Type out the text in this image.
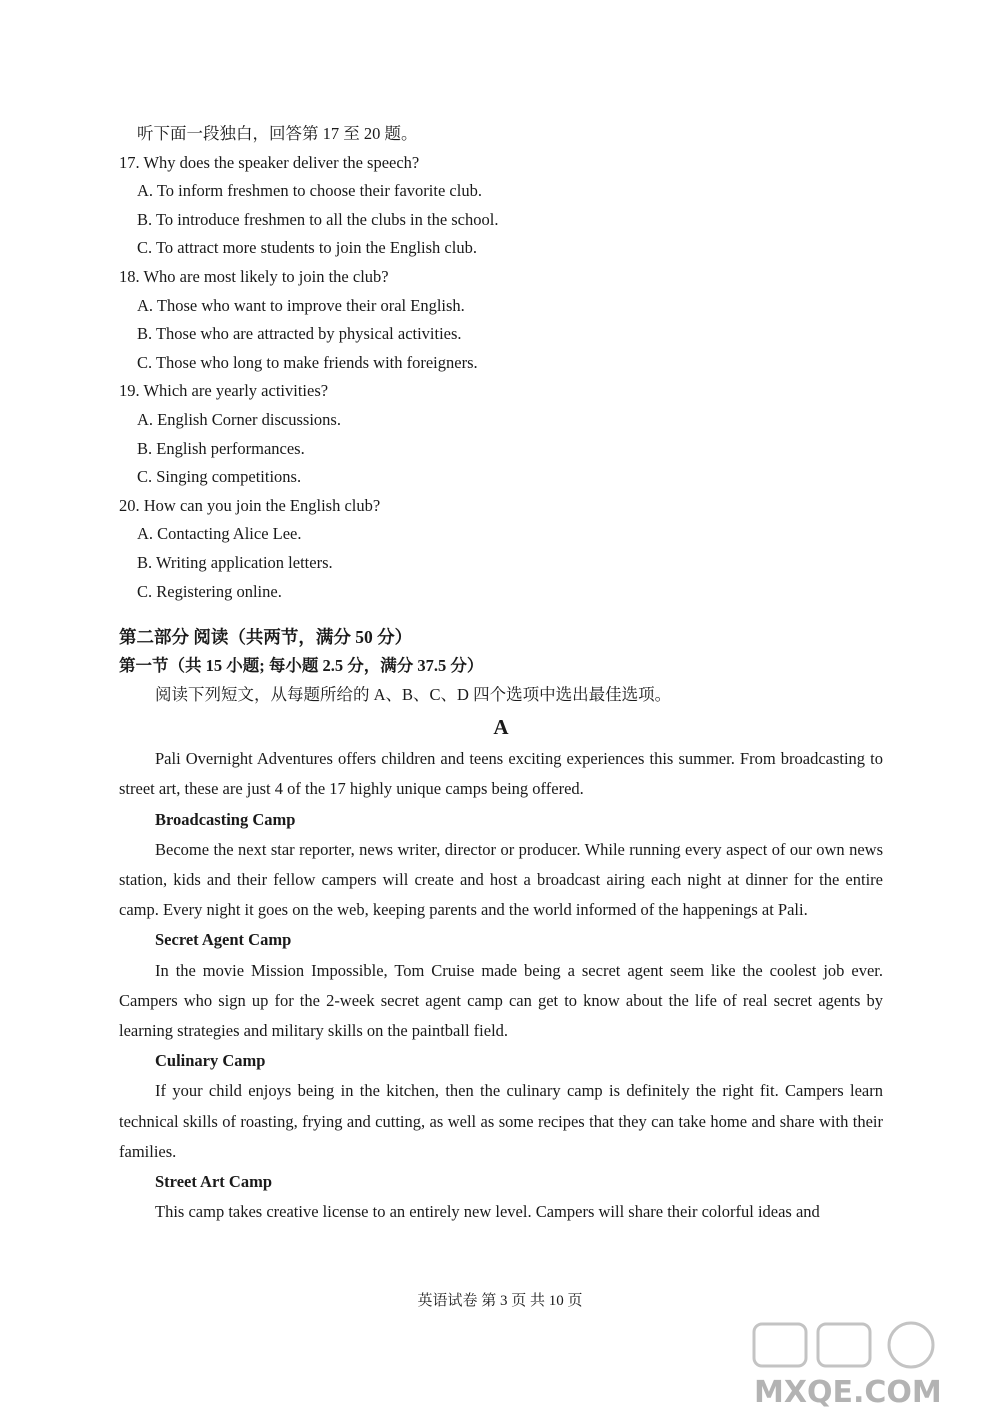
听下面一段独白，回答第 17 至 20 题。
17. Why does the speaker deliver the speech?
A. To inform freshmen to choose their favorite club.
B. To introduce freshmen to all the clubs in the school.
C. To attract more students to join the English club.
18. Who are most likely to join the club?
A. Those who want to improve their oral English.
B. Those who are attracted by physical activities.
C. Those who long to make friends with foreigners.
19. Which are yearly activities?
A. English Corner discussions.
B. English performances.
C. Singing competitions.
20. How can you join the English club?
A. Contacting Alice Lee.
B. Writing application letters.
C. Registering online.
第二部分 阅读（共两节，满分 50 分）
第一节（共 15 小题; 每小题 2.5 分，满分 37.5 分）
阅读下列短文，从每题所给的 A、B、C、D 四个选项中选出最佳选项。
A

Pali Overnight Adventures offers children and teens exciting experiences this summer. From broadcasting to street art, these are just 4 of the 17 highly unique camps being offered.

Broadcasting Camp

Become the next star reporter, news writer, director or producer. While running every aspect of our own news station, kids and their fellow campers will create and host a broadcast airing each night at dinner for the entire camp. Every night it goes on the web, keeping parents and the world informed of the happenings at Pali.

Secret Agent Camp

In the movie Mission Impossible, Tom Cruise made being a secret agent seem like the coolest job ever. Campers who sign up for the 2-week secret agent camp can get to know about the life of real secret agents by learning strategies and military skills on the paintball field.

Culinary Camp

If your child enjoys being in the kitchen, then the culinary camp is definitely the right fit. Campers learn technical skills of roasting, frying and cutting, as well as some recipes that they can take home and share with their families.

Street Art Camp

This camp takes creative license to an entirely new level. Campers will share their colorful ideas and

英语试卷 第 3 页 共 10 页
MXQE.COM
